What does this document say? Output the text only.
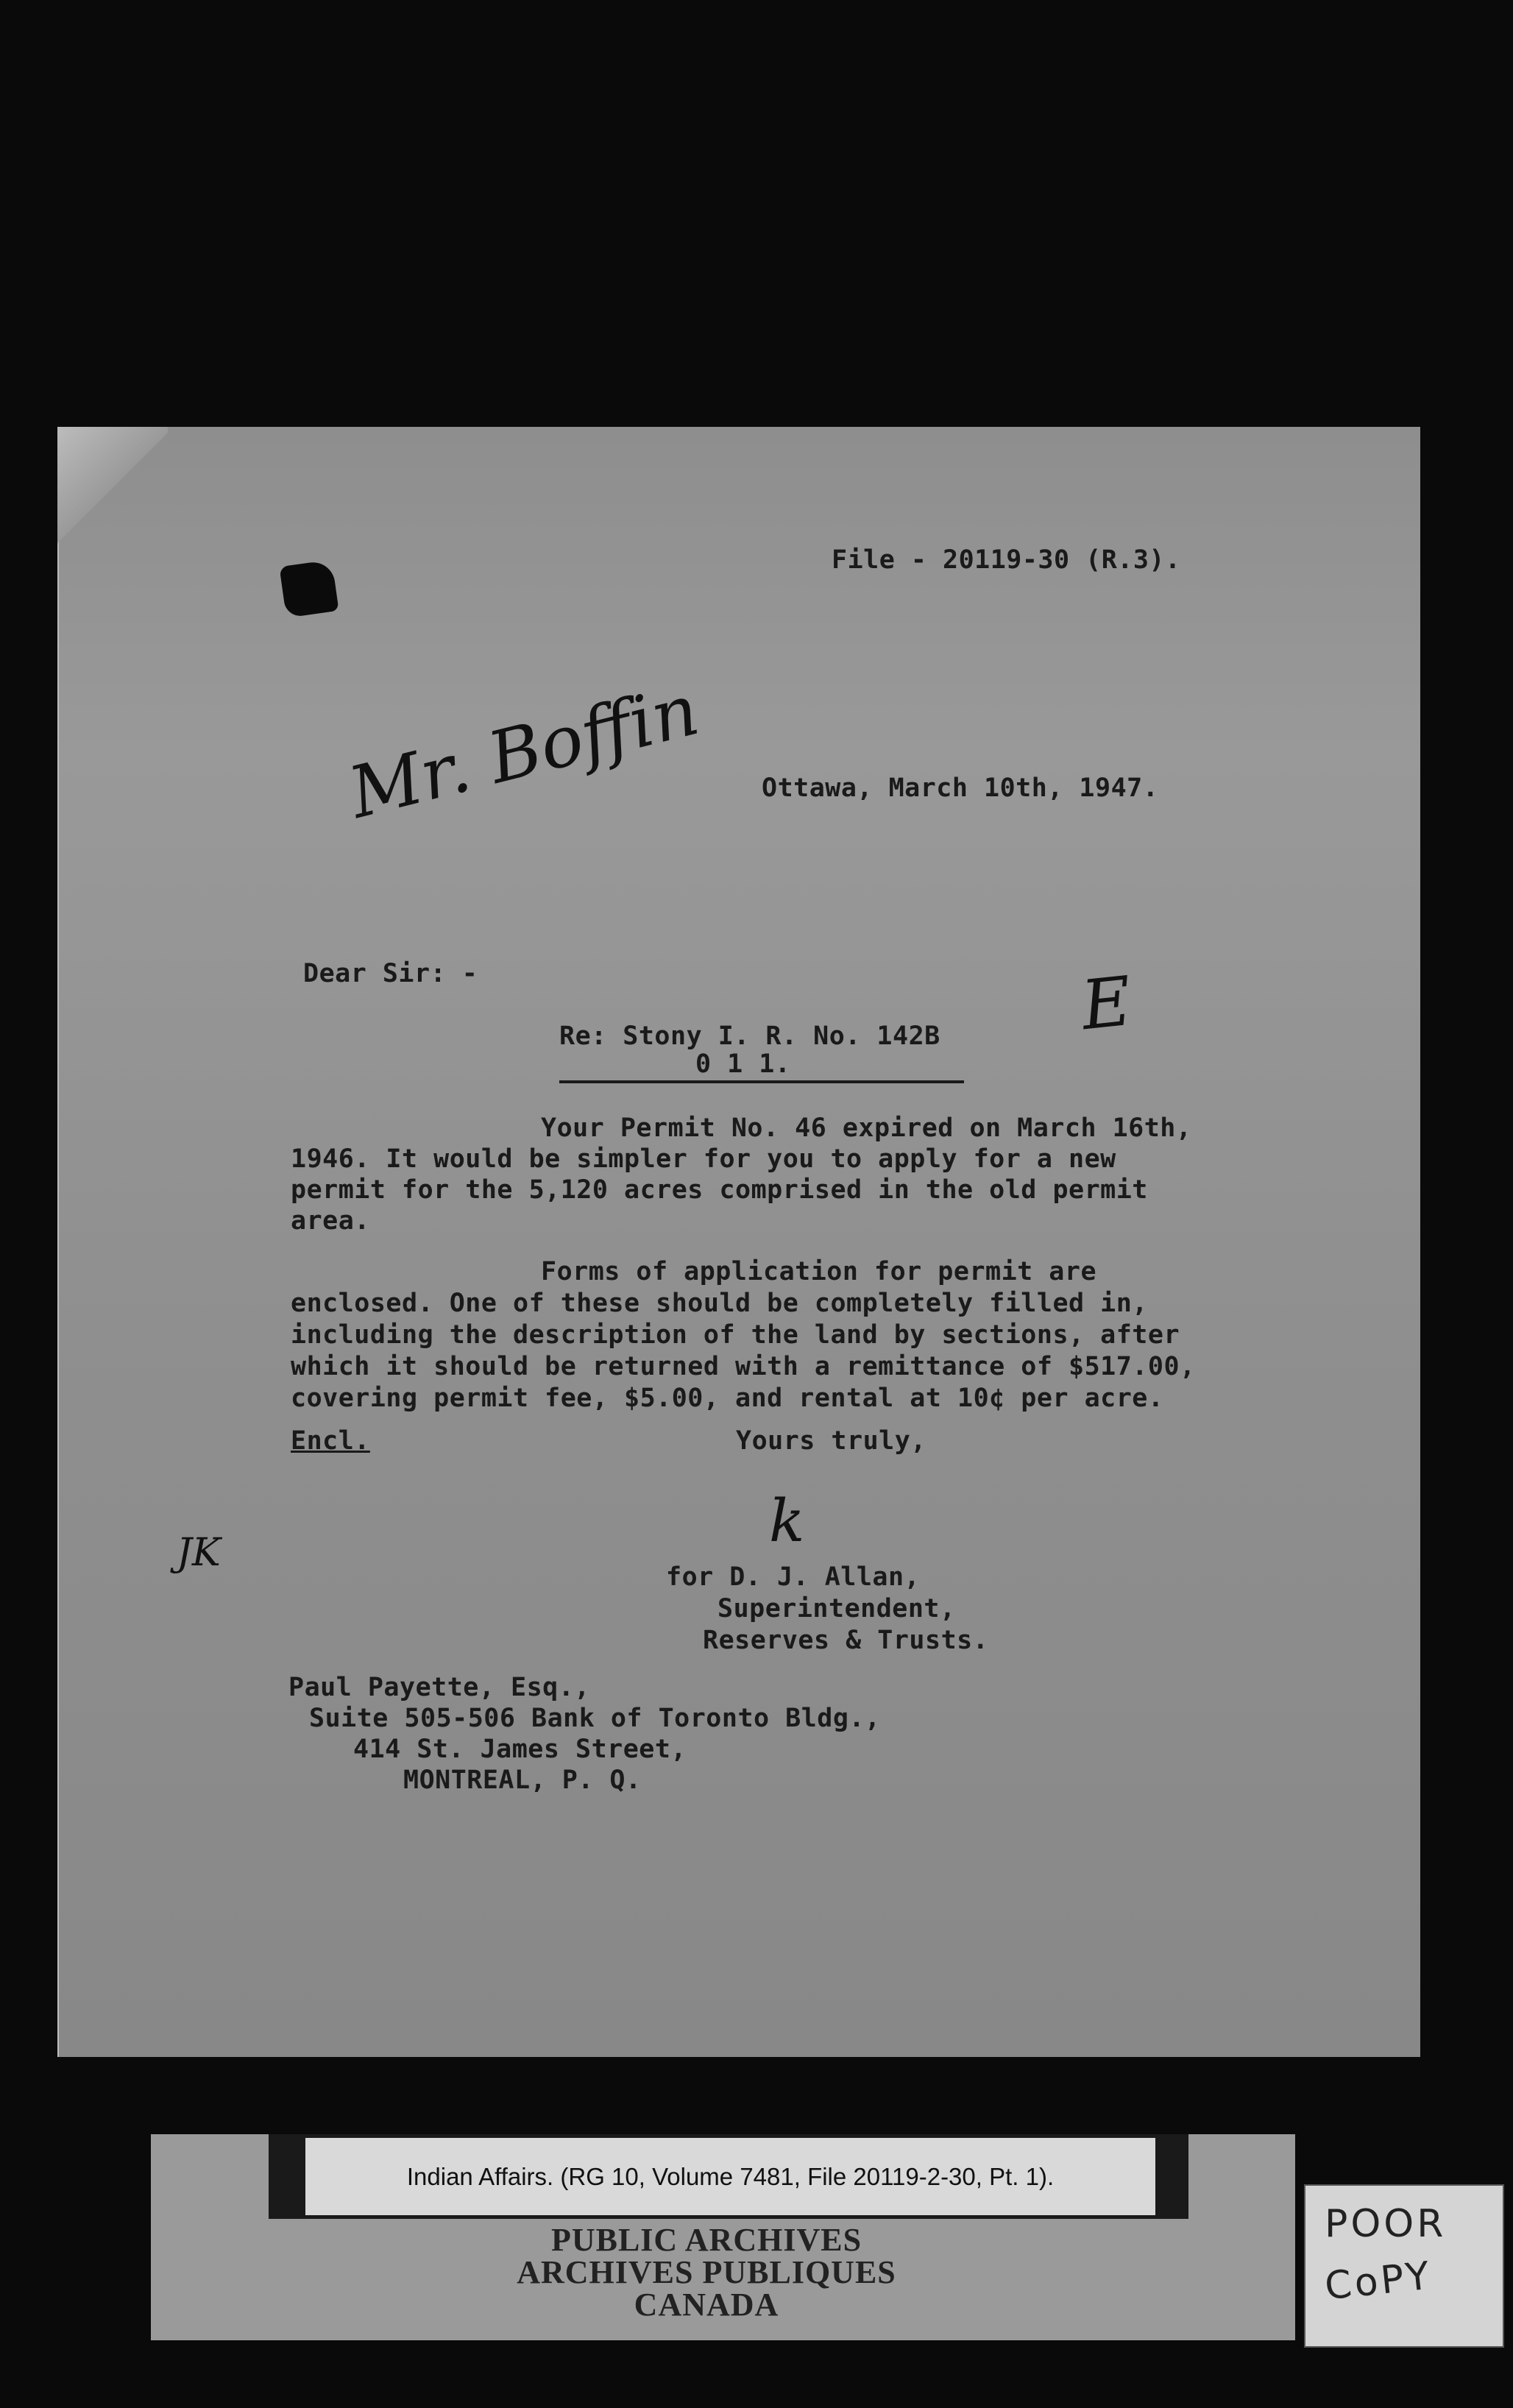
File - 20119-30 (R.3).
Ottawa, March 10th, 1947.
Mr. Boffin
E
k
JK
Dear Sir: -
Re: Stony I. R. No. 142B
0 1 1.
Your Permit No. 46 expired on March 16th,
1946. It would be simpler for you to apply for a new
permit for the 5,120 acres comprised in the old permit
area.
Forms of application for permit are
enclosed. One of these should be completely filled in,
including the description of the land by sections, after
which it should be returned with a remittance of $517.00,
covering permit fee, $5.00, and rental at 10¢ per acre.
Encl.	Yours truly,
for D. J. Allan,
Superintendent,
Reserves & Trusts.
Paul Payette, Esq.,
Suite 505-506 Bank of Toronto Bldg.,
414 St. James Street,
MONTREAL, P. Q.
Indian Affairs. (RG 10, Volume 7481, File 20119-2-30, Pt. 1).
PUBLIC ARCHIVES
ARCHIVES PUBLIQUES
CANADA
POOR
CoPY
